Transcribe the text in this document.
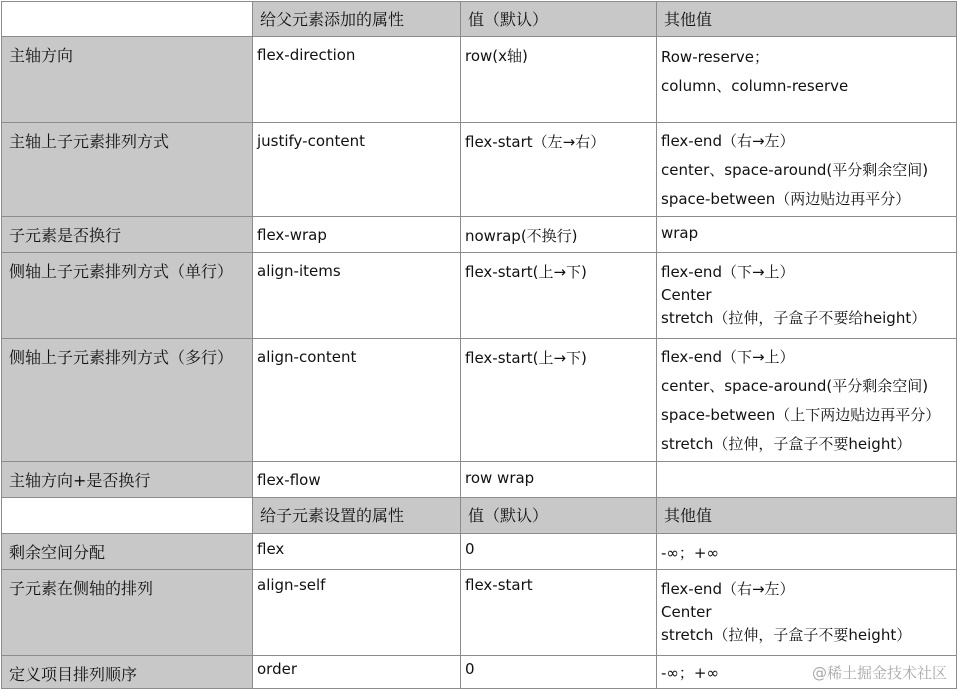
	给父元素添加的属性	值（默认）	其他值

主轴方向	flex-direction	row(x轴)	Row-reserve；
column、column-reserve

主轴上子元素排列方式	justify-content	flex-start（左→右）	flex-end（右→左）
center、space-around(平分剩余空间)
space-between（两边贴边再平分）

子元素是否换行	flex-wrap	nowrap(不换行)	wrap

侧轴上子元素排列方式（单行）	align-items	flex-start(上→下)	flex-end（下→上）
Center
stretch（拉伸，子盒子不要给height）

侧轴上子元素排列方式（多行）	align-content	flex-start(上→下)	flex-end（下→上）
center、space-around(平分剩余空间)
space-between（上下两边贴边再平分）
stretch（拉伸，子盒子不要height）

主轴方向+是否换行	flex-flow	row wrap	

	给子元素设置的属性	值（默认）	其他值

剩余空间分配	flex	0	-∞；+∞

子元素在侧轴的排列	align-self	flex-start	flex-end（右→左）
Center
stretch（拉伸，子盒子不要height）

定义项目排列顺序	order	0	-∞；+∞	@稀土掘金技术社区
